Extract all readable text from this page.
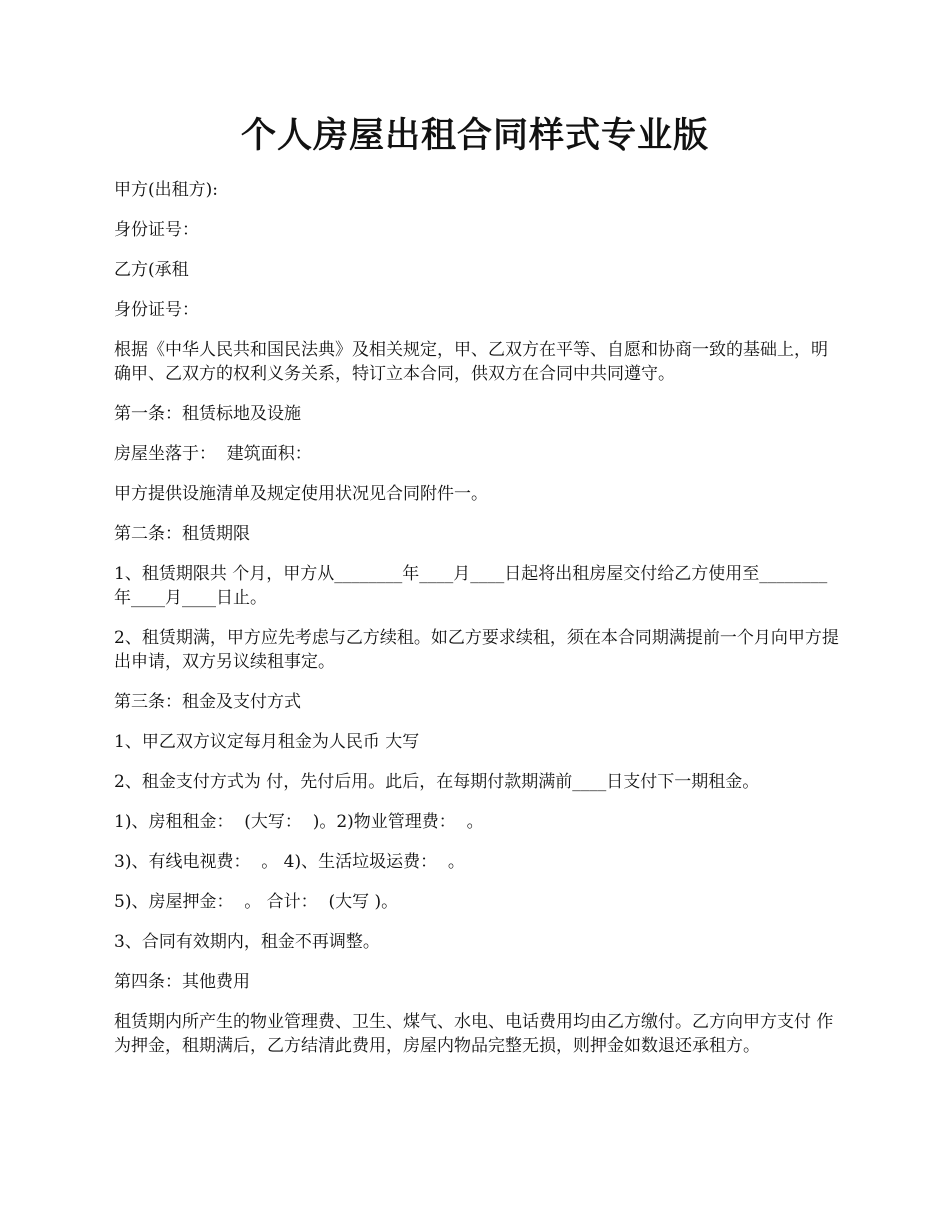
个人房屋出租合同样式专业版

甲方(出租方):

身份证号：

乙方(承租

身份证号：

根据《中华人民共和国民法典》及相关规定，甲、乙双方在平等、自愿和协商一致的基础上，明确甲、乙双方的权利义务关系，特订立本合同，供双方在合同中共同遵守。

第一条：租赁标地及设施

房屋坐落于：  建筑面积：

甲方提供设施清单及规定使用状况见合同附件一。

第二条：租赁期限

1、租赁期限共 个月，甲方从________年____月____日起将出租房屋交付给乙方使用至________年____月____日止。

2、租赁期满，甲方应先考虑与乙方续租。如乙方要求续租，须在本合同期满提前一个月向甲方提出申请，双方另议续租事定。

第三条：租金及支付方式

1、甲乙双方议定每月租金为人民币 大写

2、租金支付方式为 付，先付后用。此后，在每期付款期满前____日支付下一期租金。

1)、房租租金：  (大写：  )。2)物业管理费：  。

3)、有线电视费：  。 4)、生活垃圾运费：  。

5)、房屋押金：  。 合计：  (大写 )。

3、合同有效期内，租金不再调整。

第四条：其他费用

租赁期内所产生的物业管理费、卫生、煤气、水电、电话费用均由乙方缴付。乙方向甲方支付 作为押金，租期满后，乙方结清此费用，房屋内物品完整无损，则押金如数退还承租方。
